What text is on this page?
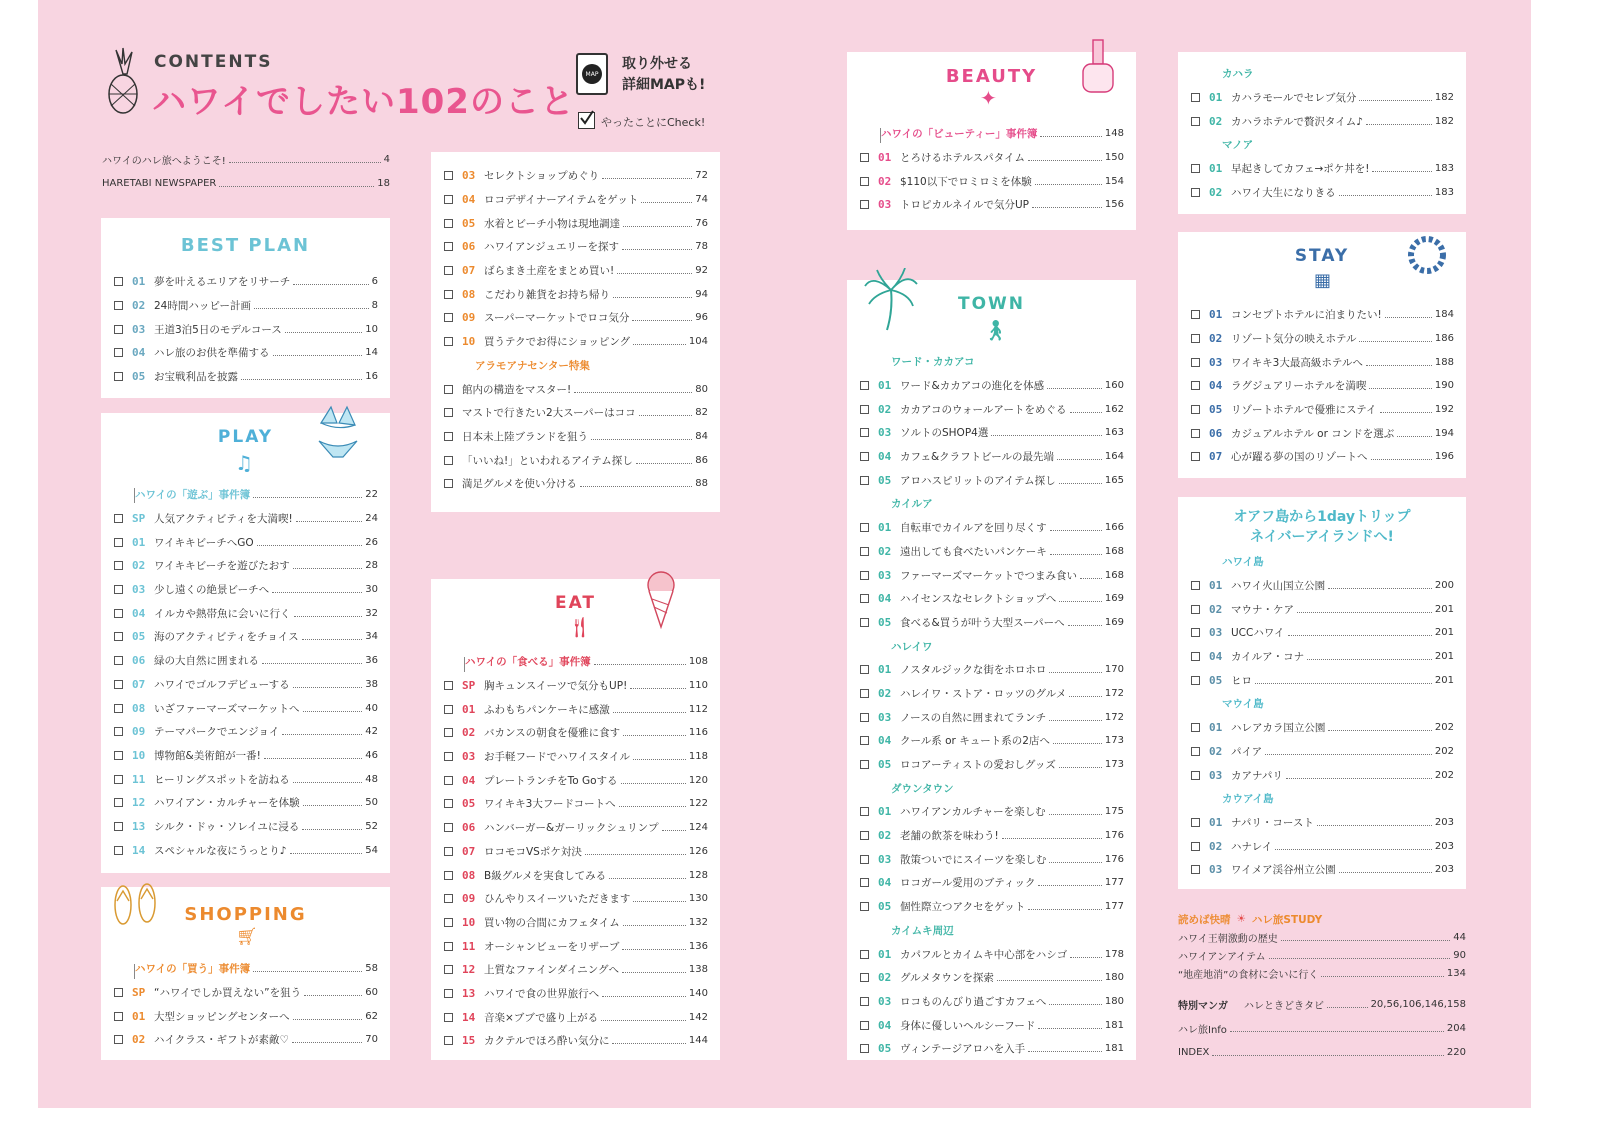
CONTENTS
ハワイでしたい102のこと
MAP
取り外せる
詳細MAPも!
やったことにCheck!
ハワイのハレ旅へようこそ!	4
HARETABI NEWSPAPER	18
BEST PLAN
01 夢を叶えるエリアをリサーチ	6
02 24時間ハッピー計画	8
03 王道3泊5日のモデルコース	10
04 ハレ旅のお供を準備する	14
05 お宝戦利品を披露	16
PLAY
♫
ハワイの「遊ぶ」事件簿	22
SP 人気アクティビティを大満喫!	24
01 ワイキキビーチへGO	26
02 ワイキキビーチを遊びたおす	28
03 少し遠くの絶景ビーチへ	30
04 イルカや熱帯魚に会いに行く	32
05 海のアクティビティをチョイス	34
06 緑の大自然に囲まれる	36
07 ハワイでゴルフデビューする	38
08 いざファーマーズマーケットへ	40
09 テーマパークでエンジョイ	42
10 博物館&美術館が一番!	46
11 ヒーリングスポットを訪ねる	48
12 ハワイアン・カルチャーを体験	50
13 シルク・ドゥ・ソレイユに浸る	52
14 スペシャルな夜にうっとり♪	54
SHOPPING
🛒︎
ハワイの「買う」事件簿	58
SP “ハワイでしか買えない”を狙う	60
01 大型ショッピングセンターへ	62
02 ハイクラス・ギフトが素敵♡	70
03 セレクトショップめぐり	72
04 ロコデザイナーアイテムをゲット	74
05 水着とビーチ小物は現地調達	76
06 ハワイアンジュエリーを探す	78
07 ばらまき土産をまとめ買い!	92
08 こだわり雑貨をお持ち帰り	94
09 スーパーマーケットでロコ気分	96
10 買うテクでお得にショッピング	104
アラモアナセンター特集
館内の構造をマスター!	80
マストで行きたい2大スーパーはココ	82
日本未上陸ブランドを狙う	84
「いいね!」といわれるアイテム探し	86
満足グルメを使い分ける	88
EAT
🍴︎
ハワイの「食べる」事件簿	108
SP 胸キュンスイーツで気分もUP!	110
01 ふわもちパンケーキに感激	112
02 バカンスの朝食を優雅に食す	116
03 お手軽フードでハワイスタイル	118
04 プレートランチをTo Goする	120
05 ワイキキ3大フードコートへ	122
06 ハンバーガー&ガーリックシュリンプ	124
07 ロコモコVSポケ対決	126
08 B級グルメを実食してみる	128
09 ひんやりスイーツいただきます	130
10 買い物の合間にカフェタイム	132
11 オーシャンビューをリザーブ	136
12 上質なファインダイニングへ	138
13 ハワイで食の世界旅行へ	140
14 音楽×ブブで盛り上がる	142
15 カクテルでほろ酔い気分に	144
BEAUTY
✦
ハワイの「ビューティー」事件簿	148
01 とろけるホテルスパタイム	150
02 $110以下でロミロミを体験	154
03 トロピカルネイルで気分UP	156
TOWN
🚶︎
ワード・カカアコ
01 ワード&カカアコの進化を体感	160
02 カカアコのウォールアートをめぐる	162
03 ソルトのSHOP4選	163
04 カフェ&クラフトビールの最先端	164
05 アロハスピリットのアイテム探し	165
カイルア
01 自転車でカイルアを回り尽くす	166
02 遠出しても食べたいパンケーキ	168
03 ファーマーズマーケットでつまみ食い	168
04 ハイセンスなセレクトショップへ	169
05 食べる&買うが叶う大型スーパーへ	169
ハレイワ
01 ノスタルジックな街をホロホロ	170
02 ハレイワ・ストア・ロッツのグルメ	172
03 ノースの自然に囲まれてランチ	172
04 クール系 or キュート系の2店へ	173
05 ロコアーティストの愛おしグッズ	173
ダウンタウン
01 ハワイアンカルチャーを楽しむ	175
02 老舗の飲茶を味わう!	176
03 散策ついでにスイーツを楽しむ	176
04 ロコガール愛用のブティック	177
05 個性際立つアクセをゲット	177
カイムキ周辺
01 カパフルとカイムキ中心部をハシゴ	178
02 グルメタウンを探索	180
03 ロコものんびり過ごすカフェへ	180
04 身体に優しいヘルシーフード	181
05 ヴィンテージアロハを入手	181
カハラ
01 カハラモールでセレブ気分	182
02 カハラホテルで贅沢タイム♪	182
マノア
01 早起きしてカフェ→ポケ丼を!	183
02 ハワイ大生になりきる	183
STAY
▦
01 コンセプトホテルに泊まりたい!	184
02 リゾート気分の映えホテル	186
03 ワイキキ3大最高級ホテルへ	188
04 ラグジュアリーホテルを満喫	190
05 リゾートホテルで優雅にステイ	192
06 カジュアルホテル or コンドを選ぶ	194
07 心が躍る夢の国のリゾートへ	196
オアフ島から1dayトリップ
ネイバーアイランドへ!
ハワイ島
01 ハワイ火山国立公園	200
02 マウナ・ケア	201
03 UCCハワイ	201
04 カイルア・コナ	201
05 ヒロ	201
マウイ島
01 ハレアカラ国立公園	202
02 パイア	202
03 カアナパリ	202
カウアイ島
01 ナパリ・コースト	203
02 ハナレイ	203
03 ワイメア渓谷州立公園	203
読めば快晴 ☀ ハレ旅STUDY
ハワイ王朝激動の歴史	44
ハワイアンアイテム	90
“地産地消”の食材に会いに行く	134
特別マンガ ハレときどきタビ	20,56,106,146,158
ハレ旅Info	204
INDEX	220
